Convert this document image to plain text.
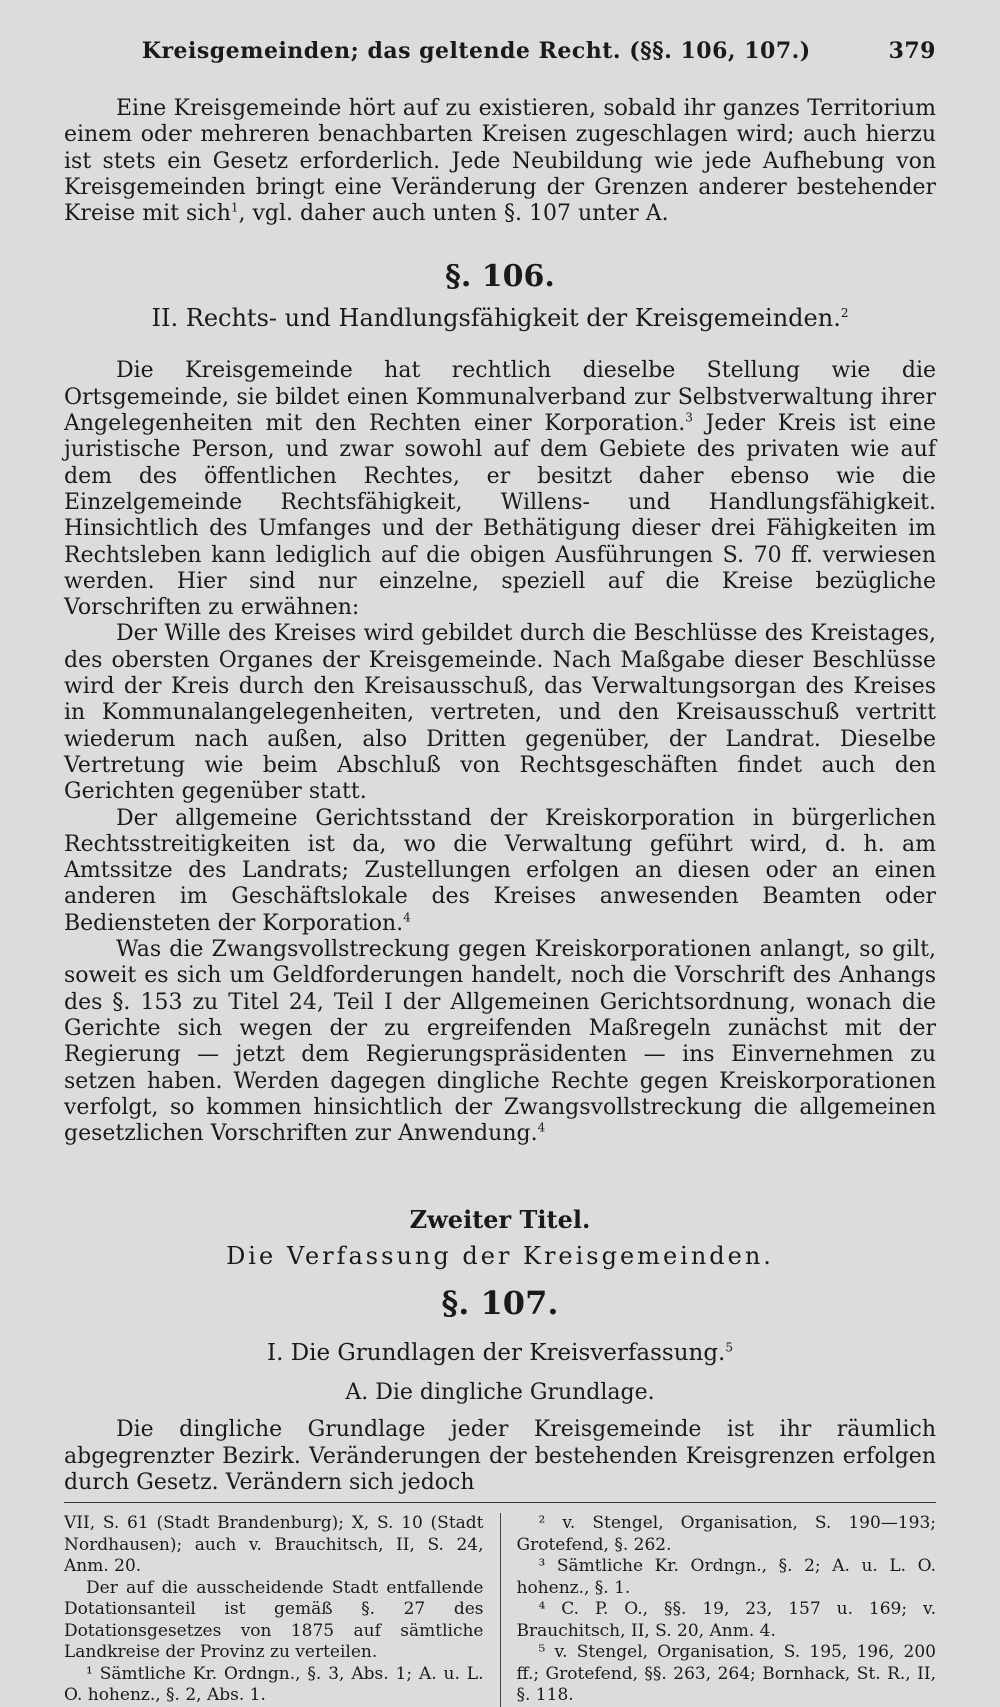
Kreisgemeinden; das geltende Recht. (§§. 106, 107.)	379

Eine Kreisgemeinde hört auf zu existieren, sobald ihr ganzes Territorium einem oder mehreren benachbarten Kreisen zugeschlagen wird; auch hierzu ist stets ein Gesetz erforderlich. Jede Neubildung wie jede Aufhebung von Kreisgemeinden bringt eine Veränderung der Grenzen anderer bestehender Kreise mit sich$^1$, vgl. daher auch unten §. 107 unter A.

§. 106.
II. Rechts- und Handlungsfähigkeit der Kreisgemeinden.$^2$

Die Kreisgemeinde hat rechtlich dieselbe Stellung wie die Ortsgemeinde, sie bildet einen Kommunalverband zur Selbstverwaltung ihrer Angelegenheiten mit den Rechten einer Korporation.$^3$ Jeder Kreis ist eine juristische Person, und zwar sowohl auf dem Gebiete des privaten wie auf dem des öffentlichen Rechtes, er besitzt daher ebenso wie die Einzelgemeinde Rechtsfähigkeit, Willens- und Handlungsfähigkeit. Hinsichtlich des Umfanges und der Bethätigung dieser drei Fähigkeiten im Rechtsleben kann lediglich auf die obigen Ausführungen S. 70 ff. verwiesen werden. Hier sind nur einzelne, speziell auf die Kreise bezügliche Vorschriften zu erwähnen:

Der Wille des Kreises wird gebildet durch die Beschlüsse des Kreistages, des obersten Organes der Kreisgemeinde. Nach Maßgabe dieser Beschlüsse wird der Kreis durch den Kreisausschuß, das Verwaltungsorgan des Kreises in Kommunalangelegenheiten, vertreten, und den Kreisausschuß vertritt wiederum nach außen, also Dritten gegenüber, der Landrat. Dieselbe Vertretung wie beim Abschluß von Rechtsgeschäften findet auch den Gerichten gegenüber statt.

Der allgemeine Gerichtsstand der Kreiskorporation in bürgerlichen Rechtsstreitigkeiten ist da, wo die Verwaltung geführt wird, d. h. am Amtssitze des Landrats; Zustellungen erfolgen an diesen oder an einen anderen im Geschäftslokale des Kreises anwesenden Beamten oder Bediensteten der Korporation.$^4$

Was die Zwangsvollstreckung gegen Kreiskorporationen anlangt, so gilt, soweit es sich um Geldforderungen handelt, noch die Vorschrift des Anhangs des §. 153 zu Titel 24, Teil I der Allgemeinen Gerichtsordnung, wonach die Gerichte sich wegen der zu ergreifenden Maßregeln zunächst mit der Regierung — jetzt dem Regierungspräsidenten — ins Einvernehmen zu setzen haben. Werden dagegen dingliche Rechte gegen Kreiskorporationen verfolgt, so kommen hinsichtlich der Zwangsvollstreckung die allgemeinen gesetzlichen Vorschriften zur Anwendung.$^4$

Zweiter Titel.
Die Verfassung der Kreisgemeinden.
§. 107.
I. Die Grundlagen der Kreisverfassung.$^5$
A. Die dingliche Grundlage.

Die dingliche Grundlage jeder Kreisgemeinde ist ihr räumlich abgegrenzter Bezirk. Veränderungen der bestehenden Kreisgrenzen erfolgen durch Gesetz. Verändern sich jedoch

VII, S. 61 (Stadt Brandenburg); X, S. 10 (Stadt Nordhausen); auch v. Brauchitsch, II, S. 24, Anm. 20.
Der auf die ausscheidende Stadt entfallende Dotationsanteil ist gemäß §. 27 des Dotationsgesetzes von 1875 auf sämtliche Landkreise der Provinz zu verteilen.
¹ Sämtliche Kr. Ordngn., §. 3, Abs. 1; A. u. L. O. hohenz., §. 2, Abs. 1.
² v. Stengel, Organisation, S. 190—193; Grotefend, §. 262.
³ Sämtliche Kr. Ordngn., §. 2; A. u. L. O. hohenz., §. 1.
⁴ C. P. O., §§. 19, 23, 157 u. 169; v. Brauchitsch, II, S. 20, Anm. 4.
⁵ v. Stengel, Organisation, S. 195, 196, 200 ff.; Grotefend, §§. 263, 264; Bornhack, St. R., II, §. 118.
